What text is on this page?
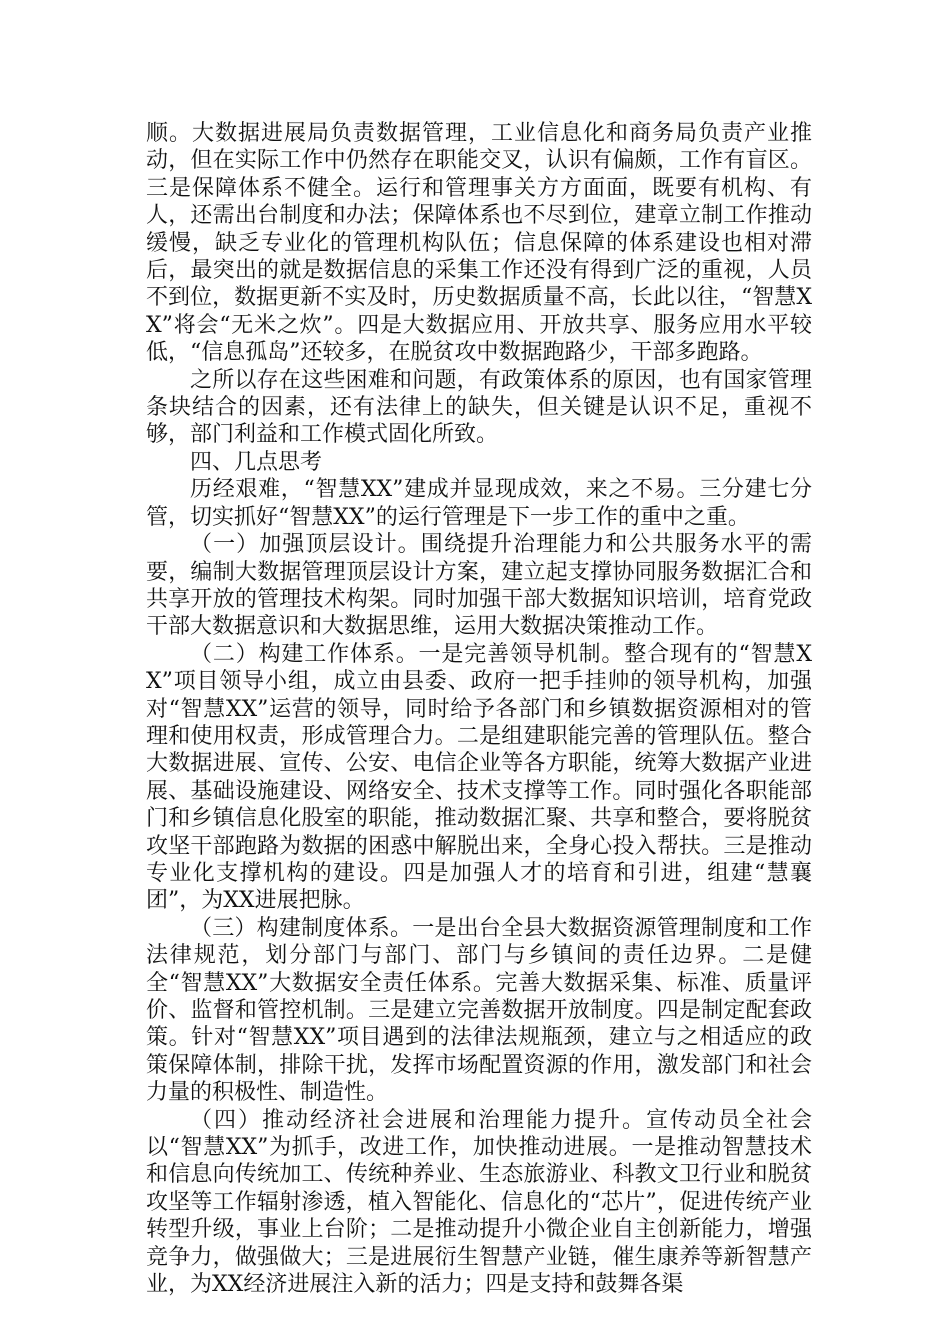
顺。大数据进展局负责数据管理，工业信息化和商务局负责产业推动，但在实际工作中仍然存在职能交叉，认识有偏颇，工作有盲区。三是保障体系不健全。运行和管理事关方方面面，既要有机构、有人，还需出台制度和办法；保障体系也不尽到位，建章立制工作推动缓慢，缺乏专业化的管理机构队伍；信息保障的体系建设也相对滞后，最突出的就是数据信息的采集工作还没有得到广泛的重视，人员不到位，数据更新不实及时，历史数据质量不高，长此以往，“智慧XX”将会“无米之炊”。四是大数据应用、开放共享、服务应用水平较低，“信息孤岛”还较多，在脱贫攻中数据跑路少，干部多跑路。

之所以存在这些困难和问题，有政策体系的原因，也有国家管理条块结合的因素，还有法律上的缺失，但关键是认识不足，重视不够，部门利益和工作模式固化所致。

四、几点思考

历经艰难，“智慧XX”建成并显现成效，来之不易。三分建七分管，切实抓好“智慧XX”的运行管理是下一步工作的重中之重。

（一）加强顶层设计。围绕提升治理能力和公共服务水平的需要，编制大数据管理顶层设计方案，建立起支撑协同服务数据汇合和共享开放的管理技术构架。同时加强干部大数据知识培训，培育党政干部大数据意识和大数据思维，运用大数据决策推动工作。

（二）构建工作体系。一是完善领导机制。整合现有的“智慧XX”项目领导小组，成立由县委、政府一把手挂帅的领导机构，加强对“智慧XX”运营的领导，同时给予各部门和乡镇数据资源相对的管理和使用权责，形成管理合力。二是组建职能完善的管理队伍。整合大数据进展、宣传、公安、电信企业等各方职能，统筹大数据产业进展、基础设施建设、网络安全、技术支撑等工作。同时强化各职能部门和乡镇信息化股室的职能，推动数据汇聚、共享和整合，要将脱贫攻坚干部跑路为数据的困惑中解脱出来，全身心投入帮扶。三是推动专业化支撑机构的建设。四是加强人才的培育和引进，组建“慧襄团”，为XX进展把脉。

（三）构建制度体系。一是出台全县大数据资源管理制度和工作法律规范，划分部门与部门、部门与乡镇间的责任边界。二是健全“智慧XX”大数据安全责任体系。完善大数据采集、标准、质量评价、监督和管控机制。三是建立完善数据开放制度。四是制定配套政策。针对“智慧XX”项目遇到的法律法规瓶颈，建立与之相适应的政策保障体制，排除干扰，发挥市场配置资源的作用，激发部门和社会力量的积极性、制造性。

（四）推动经济社会进展和治理能力提升。宣传动员全社会以“智慧XX”为抓手，改进工作，加快推动进展。一是推动智慧技术和信息向传统加工、传统种养业、生态旅游业、科教文卫行业和脱贫攻坚等工作辐射渗透，植入智能化、信息化的“芯片”，促进传统产业转型升级，事业上台阶；二是推动提升小微企业自主创新能力，增强竞争力，做强做大；三是进展衍生智慧产业链，催生康养等新智慧产业，为XX经济进展注入新的活力；四是支持和鼓舞各渠
